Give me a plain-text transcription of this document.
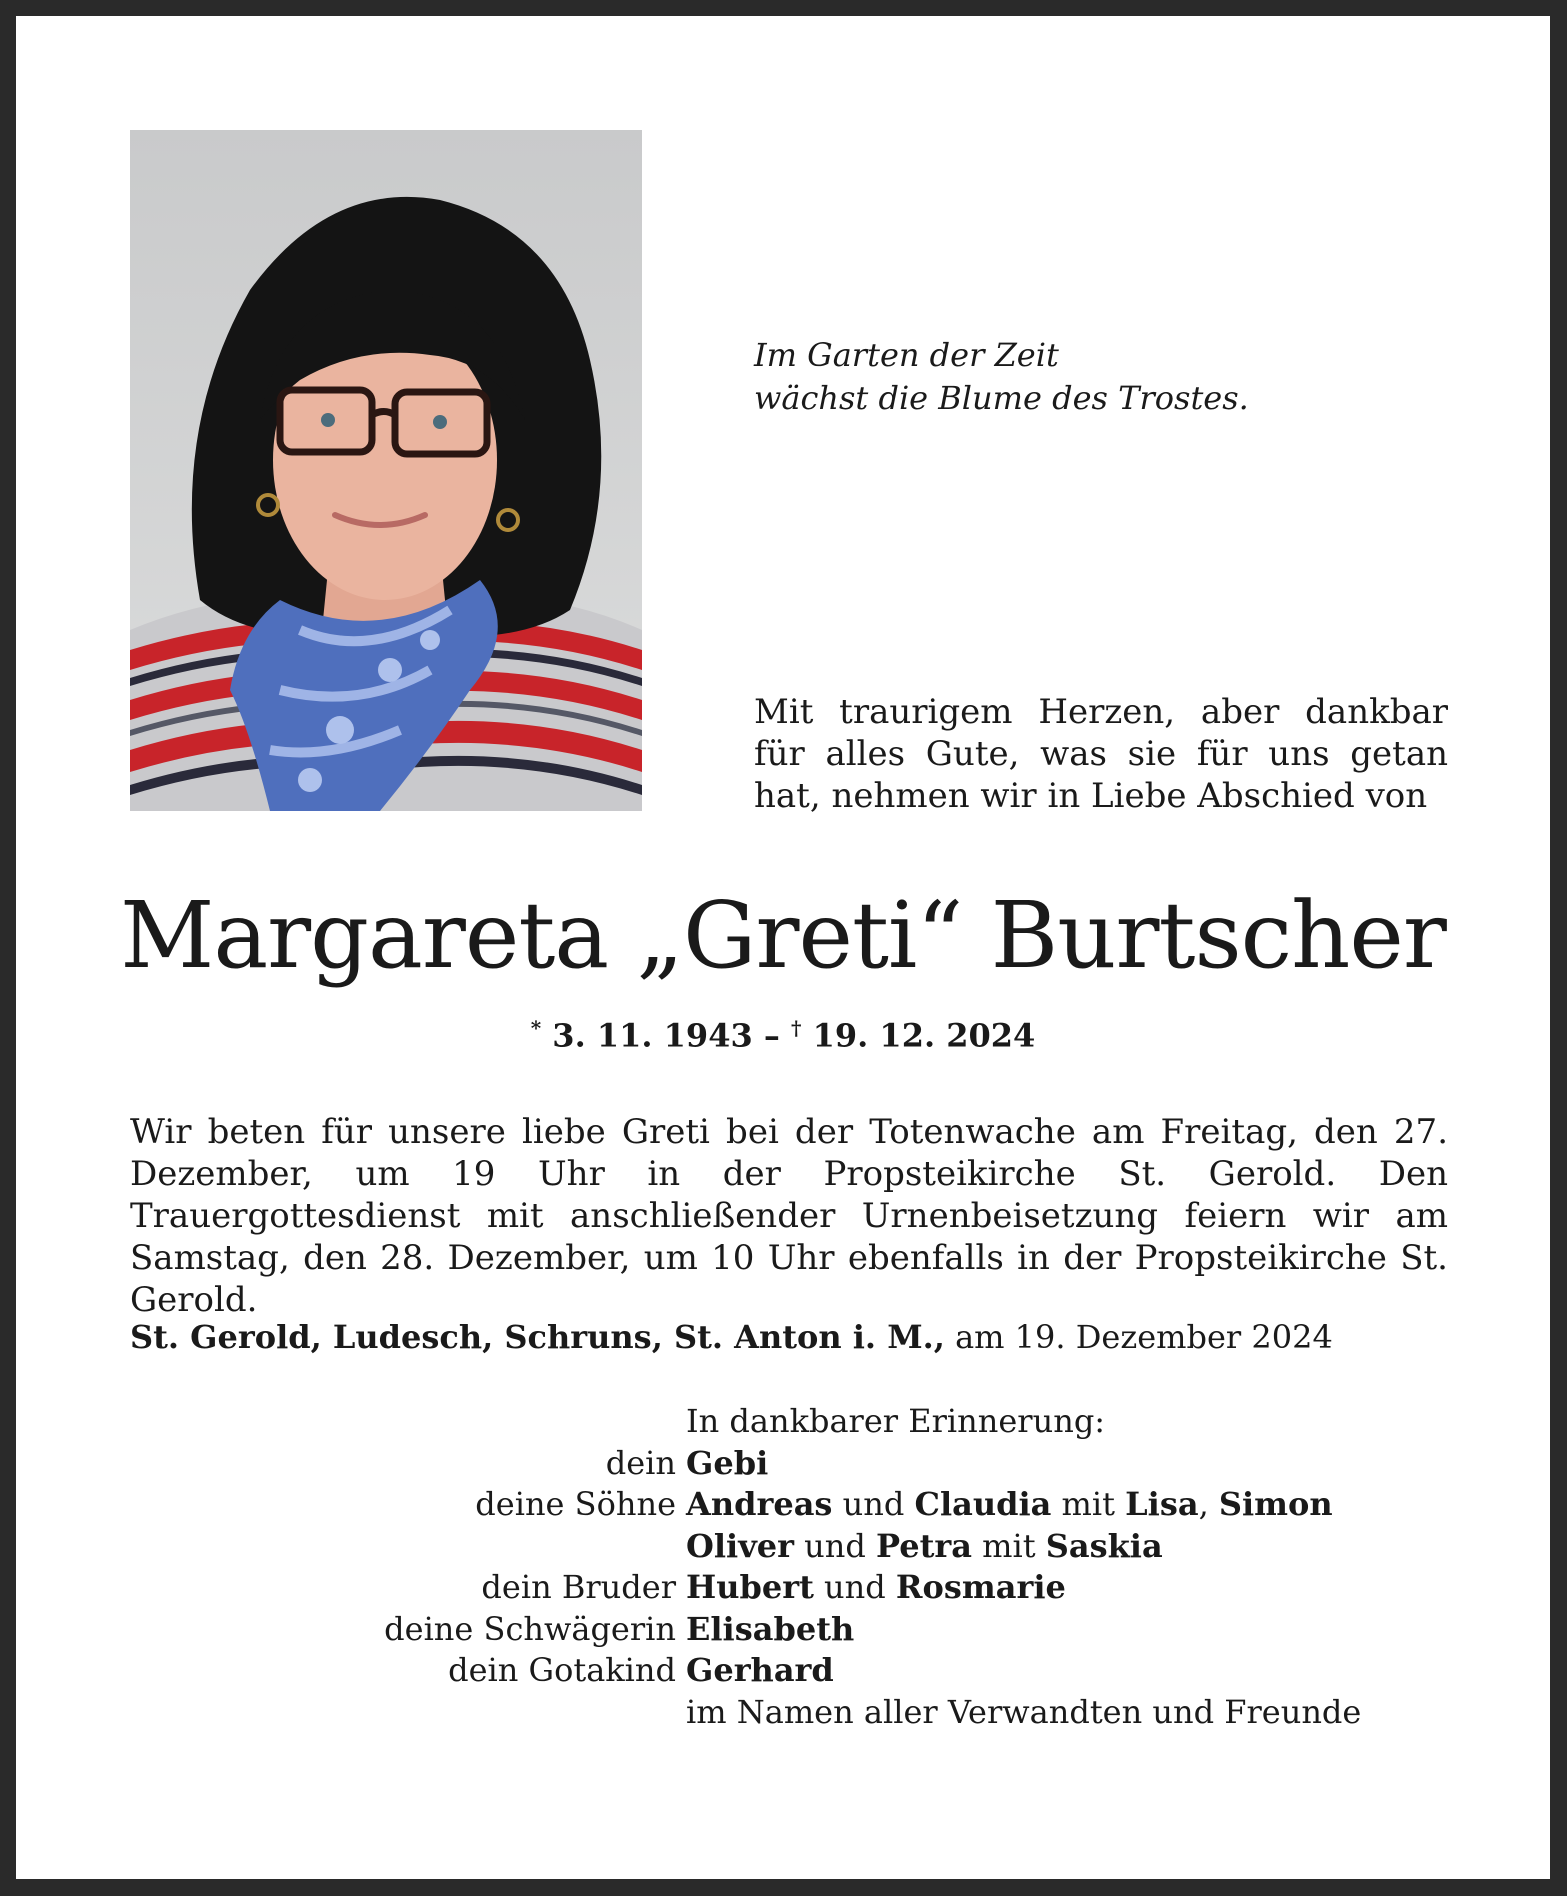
Im Garten der Zeit
wächst die Blume des Trostes.
Mit traurigem Herzen, aber dankbar für alles Gute, was sie für uns getan hat, nehmen wir in Liebe Abschied von
Margareta „Greti“ Burtscher
* 3. 11. 1943 – † 19. 12. 2024
Wir beten für unsere liebe Greti bei der Totenwache am Freitag, den 27. Dezember, um 19 Uhr in der Propsteikirche St. Gerold. Den Trauergottesdienst mit anschließender Urnenbeisetzung feiern wir am Samstag, den 28. Dezember, um 10 Uhr ebenfalls in der Propsteikirche St. Gerold.
St. Gerold, Ludesch, Schruns, St. Anton i. M., am 19. Dezember 2024
In dankbarer Erinnerung:
dein Gebi
deine Söhne Andreas und Claudia mit Lisa, Simon
Oliver und Petra mit Saskia
dein Bruder Hubert und Rosmarie
deine Schwägerin Elisabeth
dein Gotakind Gerhard
im Namen aller Verwandten und Freunde
